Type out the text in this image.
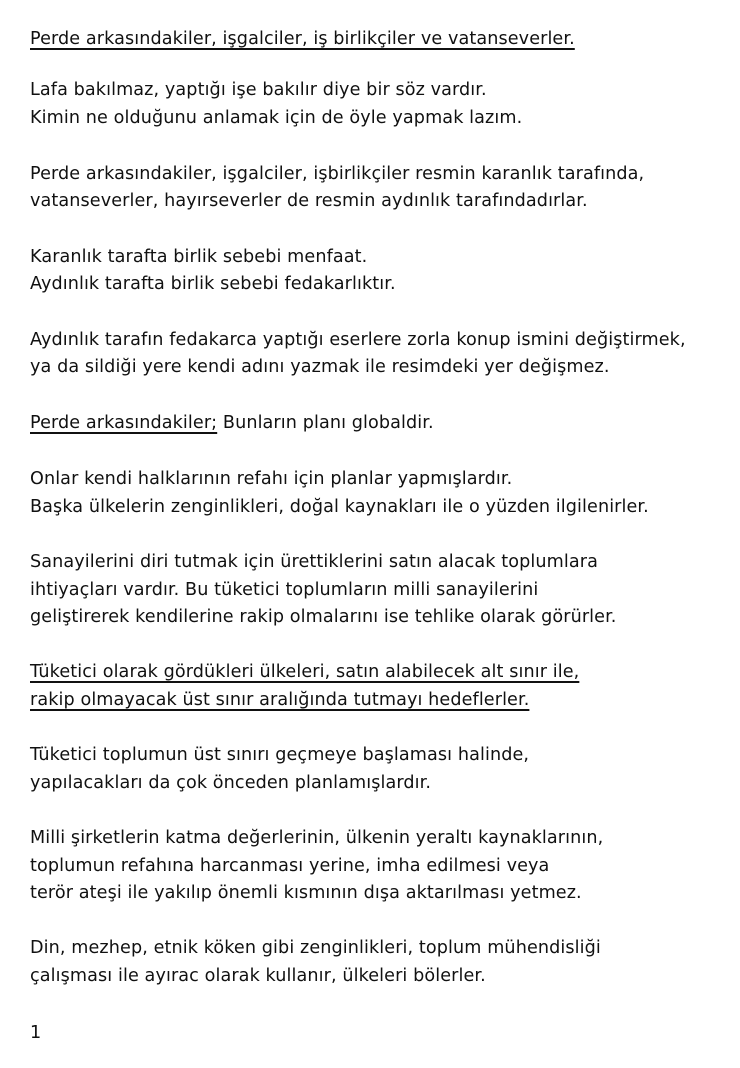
Perde arkasındakiler, işgalciler, iş birlikçiler ve vatanseverler.
Lafa bakılmaz, yaptığı işe bakılır diye bir söz vardır.
Kimin ne olduğunu anlamak için de öyle yapmak lazım.
Perde arkasındakiler, işgalciler, işbirlikçiler resmin karanlık tarafında,
vatanseverler, hayırseverler de resmin aydınlık tarafındadırlar.
Karanlık tarafta birlik sebebi menfaat.
Aydınlık tarafta birlik sebebi fedakarlıktır.
Aydınlık tarafın fedakarca yaptığı eserlere zorla konup ismini değiştirmek,
ya da sildiği yere kendi adını yazmak ile resimdeki yer değişmez.
Perde arkasındakiler; Bunların planı globaldir.
Onlar kendi halklarının refahı için planlar yapmışlardır.
Başka ülkelerin zenginlikleri, doğal kaynakları ile o yüzden ilgilenirler.
Sanayilerini diri tutmak için ürettiklerini satın alacak toplumlara
ihtiyaçları vardır. Bu tüketici toplumların milli sanayilerini
geliştirerek kendilerine rakip olmalarını ise tehlike olarak görürler.
Tüketici olarak gördükleri ülkeleri, satın alabilecek alt sınır ile,
rakip olmayacak üst sınır aralığında tutmayı hedeflerler.
Tüketici toplumun üst sınırı geçmeye başlaması halinde,
yapılacakları da çok önceden planlamışlardır.
Milli şirketlerin katma değerlerinin, ülkenin yeraltı kaynaklarının,
toplumun refahına harcanması yerine, imha edilmesi veya
terör ateşi ile yakılıp önemli kısmının dışa aktarılması yetmez.
Din, mezhep, etnik köken gibi zenginlikleri, toplum mühendisliği
çalışması ile ayırac olarak kullanır, ülkeleri bölerler.
1
